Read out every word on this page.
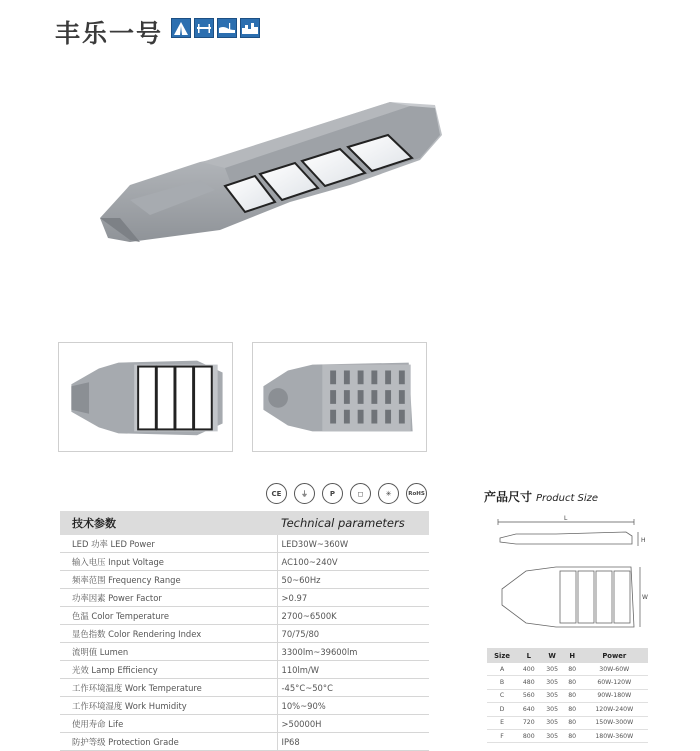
丰乐一号
CE	⏚	P	◻	✳	RoHS
技术参数	Technical parameters
LED 功率 LED Power	LED30W~360W
输入电压 Input Voltage	AC100~240V
频率范围 Frequency Range	50~60Hz
功率因素 Power Factor	>0.97
色温 Color Temperature	2700~6500K
显色指数 Color Rendering Index	70/75/80
流明值 Lumen	3300lm~39600lm
光效 Lamp Efficiency	110lm/W
工作环境温度 Work Temperature	-45°C~50°C
工作环境湿度 Work Humidity	10%~90%
使用寿命 Life	>50000H
防护等级 Protection Grade	IP68
产品尺寸 Product Size
L
H
W
Size	L	W	H	Power
A	400	305	80	30W-60W
B	480	305	80	60W-120W
C	560	305	80	90W-180W
D	640	305	80	120W-240W
E	720	305	80	150W-300W
F	800	305	80	180W-360W
